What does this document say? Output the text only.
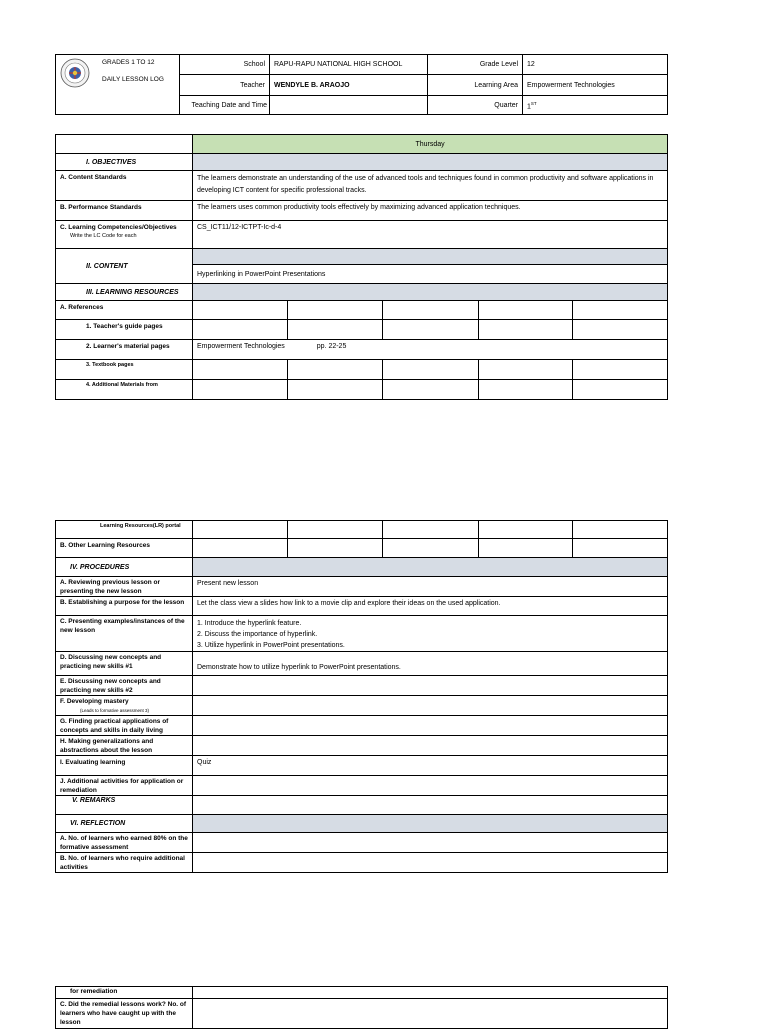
GRADES 1 TO 12
DAILY LESSON LOG	School	RAPU-RAPU NATIONAL HIGH SCHOOL	Grade Level	12
	Teacher	WENDYLE B. ARAOJO	Learning Area	Empowerment Technologies
	Teaching Date and Time		Quarter	1ST
	Thursday				
I. OBJECTIVES					
A. Content Standards	The learners demonstrate an understanding of the use of advanced tools and techniques found in common productivity and software applications in developing ICT content for specific professional tracks.				
B. Performance Standards	The learners uses common productivity tools effectively by maximizing advanced application techniques.				
C. Learning Competencies/Objectives
Write the LC Code for each	CS_ICT11/12-ICTPT-Ic-d-4				
II. CONTENT					
	Hyperlinking in PowerPoint Presentations				
III. LEARNING RESOURCES					
A. References					
1. Teacher's guide pages					
2. Learner's material pages	Empowerment Technologies pp. 22-25				
3. Textbook pages					
4. Additional Materials from					
Learning Resources(LR) portal					
B. Other Learning Resources					
IV. PROCEDURES					
A. Reviewing previous lesson or presenting the new lesson	Present new lesson				
B. Establishing a purpose for the lesson	Let the class view a slides how link to a movie clip and explore their ideas on the used application.				
C. Presenting examples/instances of the new lesson	1. Introduce the hyperlink feature.
2. Discuss the importance of hyperlink.
3. Utilize hyperlink in PowerPoint presentations.				

D. Discussing new concepts and practicing new skills #1	Demonstrate how to utilize hyperlink to PowerPoint presentations.				
E. Discussing new concepts and practicing new skills #2					
F. Developing mastery
(Leads to formative assessment 3)					

G. Finding practical applications of concepts and skills in daily living					
H. Making generalizations and abstractions about the lesson					
I. Evaluating learning	Quiz				
J. Additional activities for application or remediation					
V. REMARKS					
VI. REFLECTION					
A. No. of learners who earned 80% on the formative assessment					
B. No. of learners who require additional activities					
for remediation	
C. Did the remedial lessons work? No. of learners who have caught up with the lesson	
